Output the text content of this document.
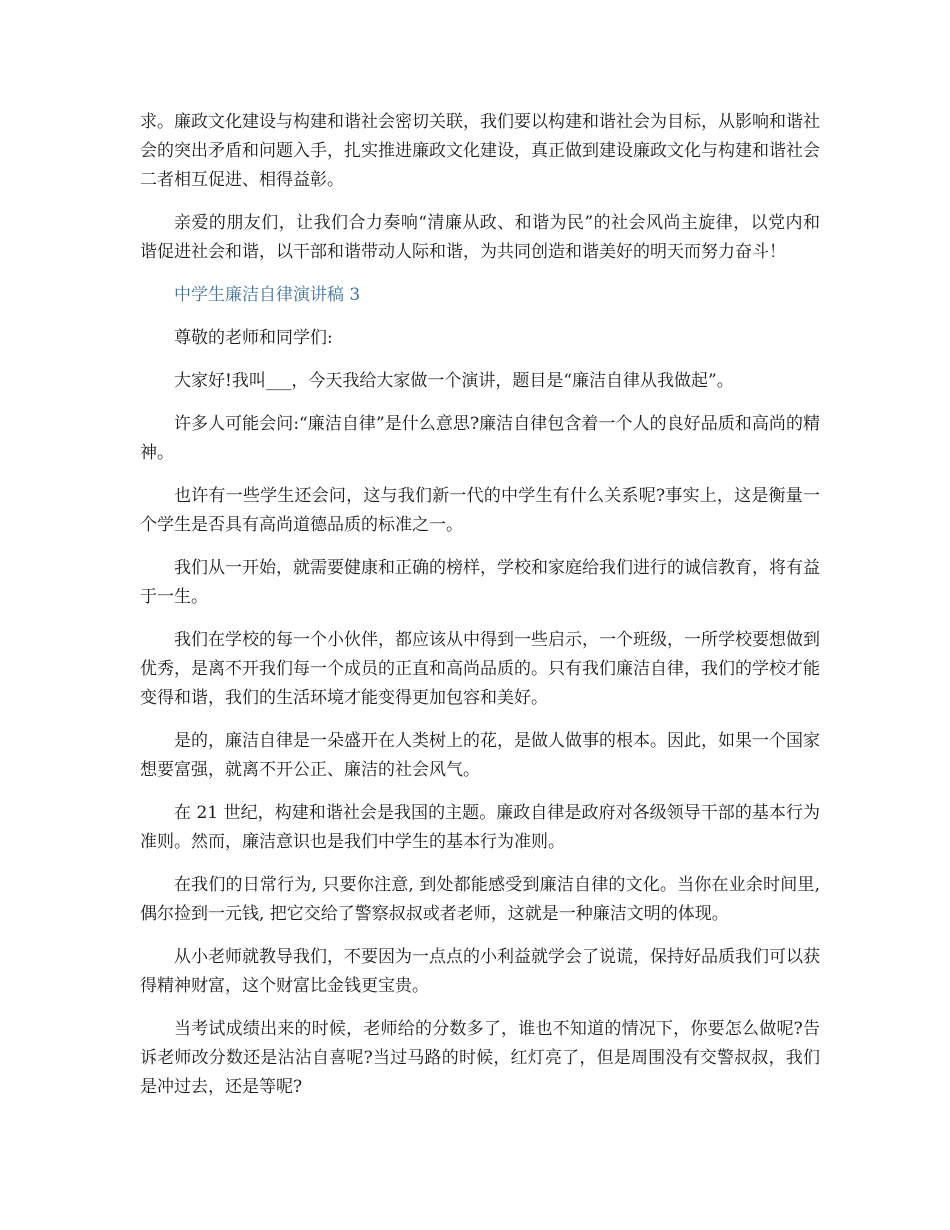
求。廉政文化建设与构建和谐社会密切关联，我们要以构建和谐社会为目标，从影响和谐社会的突出矛盾和问题入手，扎实推进廉政文化建设，真正做到建设廉政文化与构建和谐社会二者相互促进、相得益彰。

亲爱的朋友们，让我们合力奏响“清廉从政、和谐为民”的社会风尚主旋律，以党内和谐促进社会和谐，以干部和谐带动人际和谐，为共同创造和谐美好的明天而努力奋斗！

中学生廉洁自律演讲稿 3

尊敬的老师和同学们:

大家好!我叫___，今天我给大家做一个演讲，题目是“廉洁自律从我做起”。

许多人可能会问:“廉洁自律”是什么意思?廉洁自律包含着一个人的良好品质和高尚的精神。

也许有一些学生还会问，这与我们新一代的中学生有什么关系呢?事实上，这是衡量一个学生是否具有高尚道德品质的标准之一。

我们从一开始，就需要健康和正确的榜样，学校和家庭给我们进行的诚信教育，将有益于一生。

我们在学校的每一个小伙伴，都应该从中得到一些启示，一个班级，一所学校要想做到优秀，是离不开我们每一个成员的正直和高尚品质的。只有我们廉洁自律，我们的学校才能变得和谐，我们的生活环境才能变得更加包容和美好。

是的，廉洁自律是一朵盛开在人类树上的花，是做人做事的根本。因此，如果一个国家想要富强，就离不开公正、廉洁的社会风气。

在 21 世纪，构建和谐社会是我国的主题。廉政自律是政府对各级领导干部的基本行为准则。然而，廉洁意识也是我们中学生的基本行为准则。

在我们的日常行为, 只要你注意, 到处都能感受到廉洁自律的文化。当你在业余时间里, 偶尔捡到一元钱, 把它交给了警察叔叔或者老师，这就是一种廉洁文明的体现。

从小老师就教导我们，不要因为一点点的小利益就学会了说谎，保持好品质我们可以获得精神财富，这个财富比金钱更宝贵。

当考试成绩出来的时候，老师给的分数多了，谁也不知道的情况下，你要怎么做呢?告诉老师改分数还是沾沾自喜呢?当过马路的时候，红灯亮了，但是周围没有交警叔叔，我们是冲过去，还是等呢?
